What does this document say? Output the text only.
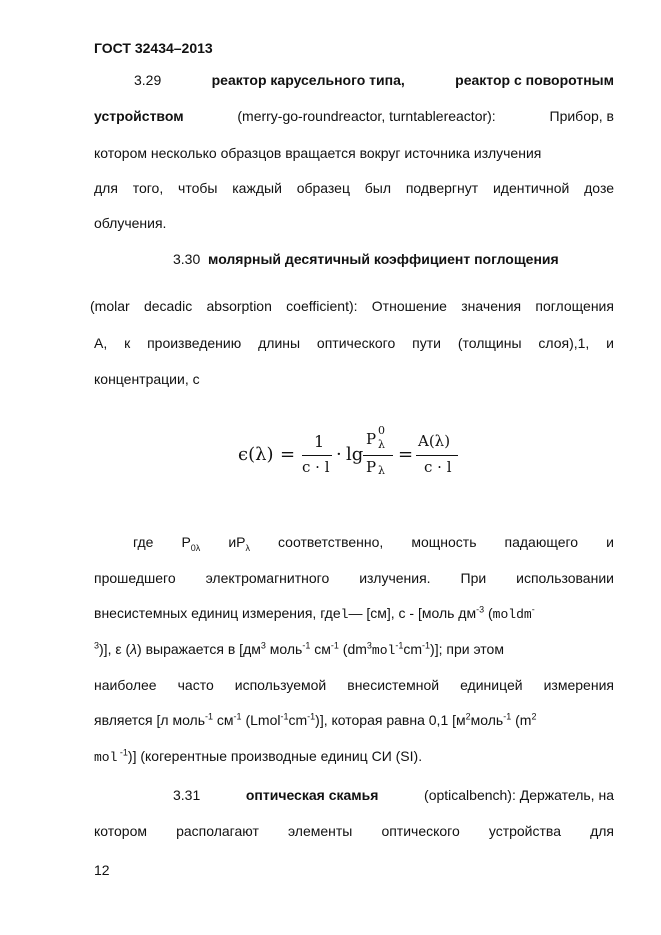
ГОСТ 32434–2013
3.29	реактор карусельного типа,	реактор с поворотным
устройством	(merry-go-roundreactor, turntablereactor):	Прибор, в
котором несколько образцов вращается вокруг источника излучения
для того, чтобы каждый образец был подвергнут идентичной дозе
облучения.
3.30 молярный десятичный коэффициент поглощения
(molar decadic absorption coefficient): Отношение значения поглощения
А, к произведению длины оптического пути (толщины слоя),1, и
концентрации, с
ϵ(λ) =
1
c · l
· lg
P 0
λ
P λ
=
A(λ)
c · l
где $P_{0\lambda}$ $иP_\lambda$ соответственно, мощность падающего и
прошедшего электромагнитного излучения. При использовании
внесистемных единиц измерения, гдеl— [см], с - [моль $дм^{-3}$ (moldm-
$^3$)], ε (λ) выражается в [$дм^3$ моль$^{-1}$ $см^{-1}$ $(dm^3mol^{-1}cm^{-1})$]; при этом
наиболее часто используемой внесистемной единицей измерения
является [л моль$^{-1}$ $см^{-1}$ $(Lmol^{-1}cm^{-1})$], которая равна 0,1 [$м^2моль^{-1}$ ($m^2$
mol $^{-1}$)] (когерентные производные единиц СИ (SI).
3.31	оптическая скамья	(opticalbench): Держатель, на
котором располагают элементы оптического устройства для
12
